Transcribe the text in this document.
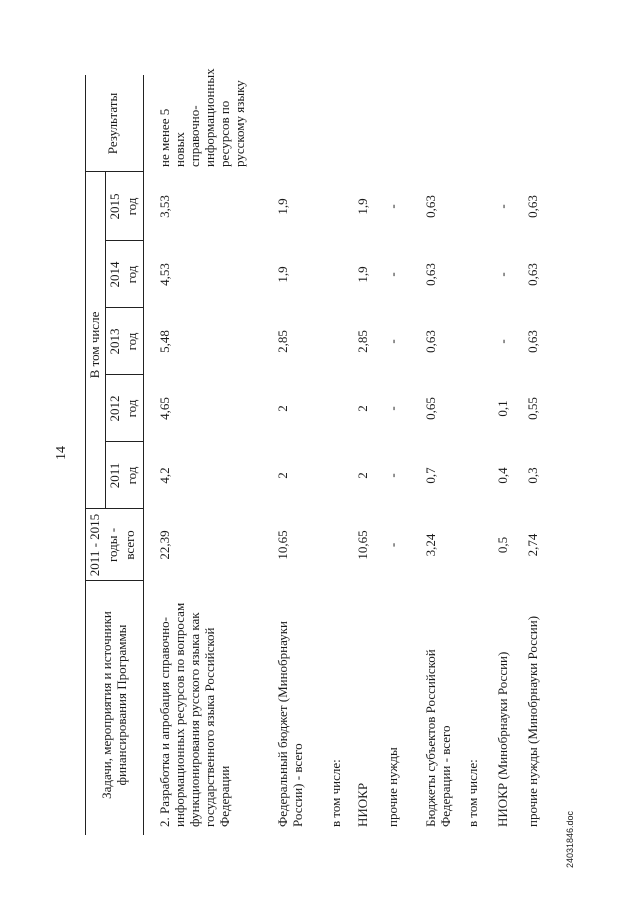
14
Задачи, мероприятия и источники финансирования Программы
2011 - 2015 годы - всего
В том числе
Результаты
2011 год
2012 год
2013 год
2014 год
2015 год
2. Разработка и апробация справочно-информационных ресурсов по вопросам функционирования русского языка как государственного языка Российской Федерации
22,39
4,2
4,65
5,48
4,53
3,53
не менее 5 новых справочно-информационных ресурсов по русскому языку
Федеральный бюджет (Минобрнауки России) - всего
10,65
2
2
2,85
1,9
1,9
в том числе: НИОКР
10,65
2
2
2,85
1,9
1,9
прочие нужды
-
-
-
-
-
-
Бюджеты субъектов Российской Федерации - всего
3,24
0,7
0,65
0,63
0,63
0,63
в том числе: НИОКР (Минобрнауки России)
0,5
0,4
0,1
-
-
-
прочие нужды (Минобрнауки России)
2,74
0,3
0,55
0,63
0,63
0,63
24031846.doc
